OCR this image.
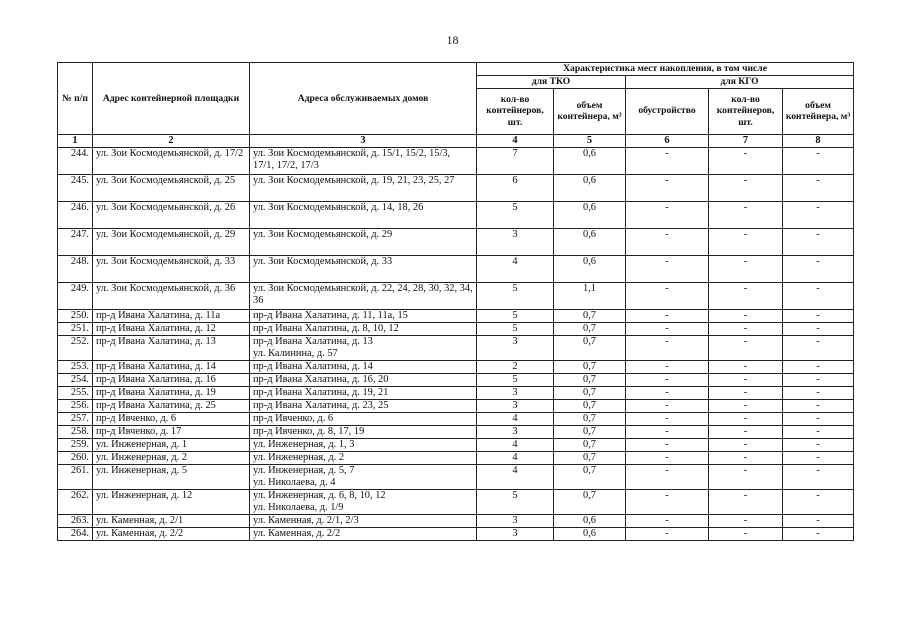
18
№ п/п	Адрес контейнерной площадки	Адреса обслуживаемых домов	Характеристика мест накопления, в том числе				
			для ТКО		для КГО		
			кол-во контейнеров, шт.	объем контейнера, м³	обустройство	кол-во контейнеров, шт.	объем контейнера, м³
1	2	3	4	5	6	7	8
244.	ул. Зои Космодемьянской, д. 17/2	ул. Зои Космодемьянской, д. 15/1, 15/2, 15/3, 17/1, 17/2, 17/3	7	0,6	-	-	-
245.	ул. Зои Космодемьянской, д. 25	ул. Зои Космодемьянской, д. 19, 21, 23, 25, 27	6	0,6	-	-	-
246.	ул. Зои Космодемьянской, д. 26	ул. Зои Космодемьянской, д. 14, 18, 26	5	0,6	-	-	-
247.	ул. Зои Космодемьянской, д. 29	ул. Зои Космодемьянской, д. 29	3	0,6	-	-	-
248.	ул. Зои Космодемьянской, д. 33	ул. Зои Космодемьянской, д. 33	4	0,6	-	-	-
249.	ул. Зои Космодемьянской, д. 36	ул. Зои Космодемьянской, д. 22, 24, 28, 30, 32, 34, 36	5	1,1	-	-	-
250.	пр-д Ивана Халатина, д. 11а	пр-д Ивана Халатина, д. 11, 11а, 15	5	0,7	-	-	-
251.	пр-д Ивана Халатина, д. 12	пр-д Ивана Халатина, д. 8, 10, 12	5	0,7	-	-	-
252.	пр-д Ивана Халатина, д. 13	пр-д Ивана Халатина, д. 13	3	0,7	-	-	-
		ул. Калинина, д. 57					
253.	пр-д Ивана Халатина, д. 14	пр-д Ивана Халатина, д. 14	2	0,7	-	-	-
254.	пр-д Ивана Халатина, д. 16	пр-д Ивана Халатина, д. 16, 20	5	0,7	-	-	-
255.	пр-д Ивана Халатина, д. 19	пр-д Ивана Халатина, д. 19, 21	3	0,7	-	-	-
256.	пр-д Ивана Халатина, д. 25	пр-д Ивана Халатина, д. 23, 25	3	0,7	-	-	-
257.	пр-д Ивченко, д. 6	пр-д Ивченко, д. 6	4	0,7	-	-	-
258.	пр-д Ивченко, д. 17	пр-д Ивченко, д. 8, 17, 19	3	0,7	-	-	-
259.	ул. Инженерная, д. 1	ул. Инженерная, д. 1, 3	4	0,7	-	-	-
260.	ул. Инженерная, д. 2	ул. Инженерная, д. 2	4	0,7	-	-	-
261.	ул. Инженерная, д. 5	ул. Инженерная, д. 5, 7	4	0,7	-	-	-
		ул. Николаева, д. 4					
262.	ул. Инженерная, д. 12	ул. Инженерная, д. 6, 8, 10, 12	5	0,7	-	-	-
		ул. Николаева, д. 1/9					
263.	ул. Каменная, д. 2/1	ул. Каменная, д. 2/1, 2/3	3	0,6	-	-	-
264.	ул. Каменная, д. 2/2	ул. Каменная, д. 2/2	3	0,6	-	-	-
